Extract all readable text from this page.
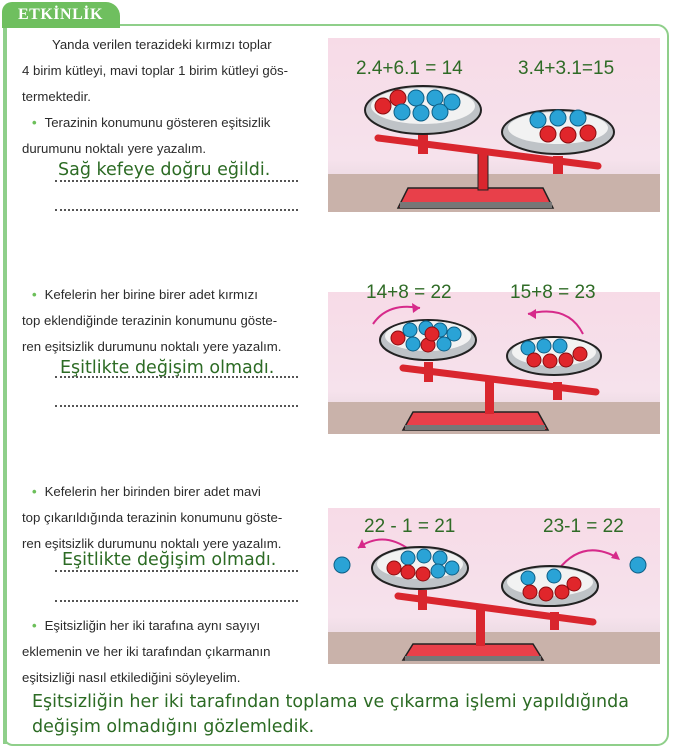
ETKİNLİK
Yanda verilen terazideki kırmızı toplar
4 birim kütleyi, mavi toplar 1 birim kütleyi gös-
termektedir.
• Terazinin konumunu gösteren eşitsizlik
durumunu noktalı yere yazalım.
Sağ kefeye doğru eğildi.
• Kefelerin her birine birer adet kırmızı
top eklendiğinde terazinin konumunu göste-
ren eşitsizlik durumunu noktalı yere yazalım.
Eşitlikte değişim olmadı.
• Kefelerin her birinden birer adet mavi
top çıkarıldığında terazinin konumunu göste-
ren eşitsizlik durumunu noktalı yere yazalım.
Eşitlikte değişim olmadı.
• Eşitsizliğin her iki tarafına aynı sayıyı
eklemenin ve her iki tarafından çıkarmanın
eşitsizliği nasıl etkilediğini söyleyelim.
Eşitsizliğin her iki tarafından toplama ve çıkarma işlemi yapıldığında
değişim olmadığını gözlemledik.
2.4+6.1 = 14	3.4+3.1=15
14+8 = 22	15+8 = 23
22 - 1 = 21	23-1 = 22
